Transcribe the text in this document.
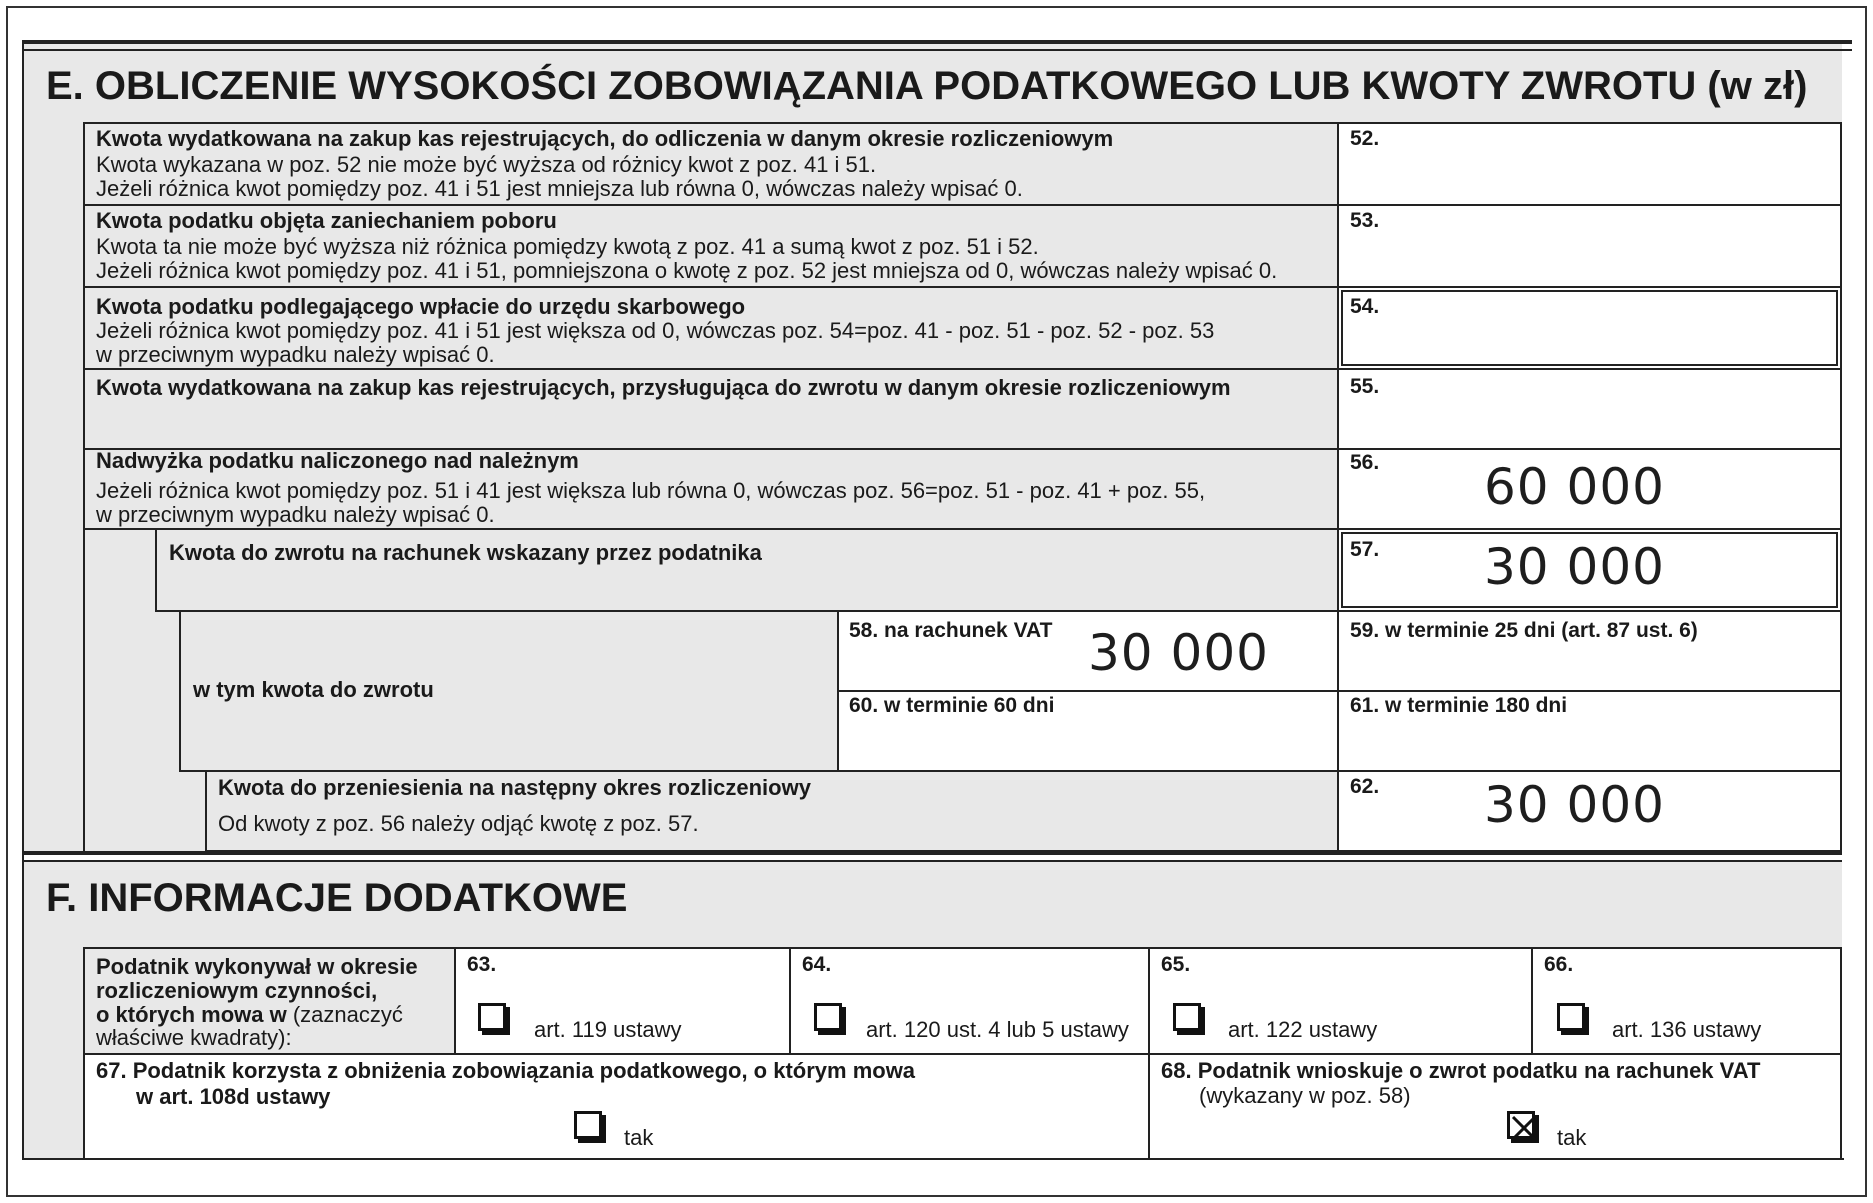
E. OBLICZENIE WYSOKOŚCI ZOBOWIĄZANIA PODATKOWEGO LUB KWOTY ZWROTU (w zł)
Kwota wydatkowana na zakup kas rejestrujących, do odliczenia w danym okresie rozliczeniowym
Kwota wykazana w poz. 52 nie może być wyższa od różnicy kwot z poz. 41 i 51.
Jeżeli różnica kwot pomiędzy poz. 41 i 51 jest mniejsza lub równa 0, wówczas należy wpisać 0.
52.
Kwota podatku objęta zaniechaniem poboru
Kwota ta nie może być wyższa niż różnica pomiędzy kwotą z poz. 41 a sumą kwot z poz. 51 i 52.
Jeżeli różnica kwot pomiędzy poz. 41 i 51, pomniejszona o kwotę z poz. 52 jest mniejsza od 0, wówczas należy wpisać 0.
53.
Kwota podatku podlegającego wpłacie do urzędu skarbowego
Jeżeli różnica kwot pomiędzy poz. 41 i 51 jest większa od 0, wówczas poz. 54=poz. 41 - poz. 51 - poz. 52 - poz. 53
w przeciwnym wypadku należy wpisać 0.
54.
Kwota wydatkowana na zakup kas rejestrujących, przysługująca do zwrotu w danym okresie rozliczeniowym	55.
Nadwyżka podatku naliczonego nad należnym
Jeżeli różnica kwot pomiędzy poz. 51 i 41 jest większa lub równa 0, wówczas poz. 56=poz. 51 - poz. 41 + poz. 55,
w przeciwnym wypadku należy wpisać 0.
56. 60 000
Kwota do zwrotu na rachunek wskazany przez podatnika	57. 30 000
w tym kwota do zwrotu
58. na rachunek VAT 30 000	59. w terminie 25 dni (art. 87 ust. 6)
60. w terminie 60 dni	61. w terminie 180 dni
Kwota do przeniesienia na następny okres rozliczeniowy
Od kwoty z poz. 56 należy odjąć kwotę z poz. 57.
62. 30 000
F. INFORMACJE DODATKOWE
Podatnik wykonywał w okresie
rozliczeniowym czynności,
o których mowa w (zaznaczyć
właściwe kwadraty):
63.
art. 119 ustawy
64.
art. 120 ust. 4 lub 5 ustawy
65.
art. 122 ustawy
66.
art. 136 ustawy
67. Podatnik korzysta z obniżenia zobowiązania podatkowego, o którym mowa
w art. 108d ustawy
tak
68. Podatnik wnioskuje o zwrot podatku na rachunek VAT
(wykazany w poz. 58)
tak
